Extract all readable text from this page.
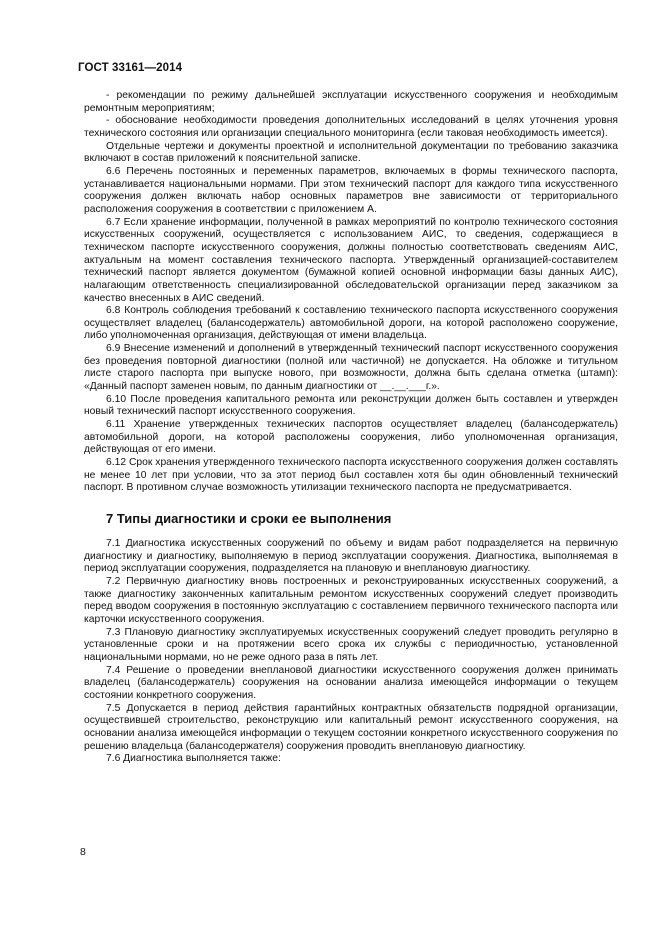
ГОСТ 33161—2014

- рекомендации по режиму дальнейшей эксплуатации искусственного сооружения и необходимым ремонтным мероприятиям;

- обоснование необходимости проведения дополнительных исследований в целях уточнения уровня технического состояния или организации специального мониторинга (если таковая необходимость имеется).

Отдельные чертежи и документы проектной и исполнительной документации по требованию заказчика включают в состав приложений к пояснительной записке.

6.6 Перечень постоянных и переменных параметров, включаемых в формы технического паспорта, устанавливается национальными нормами. При этом технический паспорт для каждого типа искусственного сооружения должен включать набор основных параметров вне зависимости от территориального расположения сооружения в соответствии с приложением А.

6.7 Если хранение информации, полученной в рамках мероприятий по контролю технического состояния искусственных сооружений, осуществляется с использованием АИС, то сведения, содержащиеся в техническом паспорте искусственного сооружения, должны полностью соответствовать сведениям АИС, актуальным на момент составления технического паспорта. Утвержденный организацией-составителем технический паспорт является документом (бумажной копией основной информации базы данных АИС), налагающим ответственность специализированной обследовательской организации перед заказчиком за качество внесенных в АИС сведений.

6.8 Контроль соблюдения требований к составлению технического паспорта искусственного сооружения осуществляет владелец (балансодержатель) автомобильной дороги, на которой расположено сооружение, либо уполномоченная организация, действующая от имени владельца.

6.9 Внесение изменений и дополнений в утвержденный технический паспорт искусственного сооружения без проведения повторной диагностики (полной или частичной) не допускается. На обложке и титульном листе старого паспорта при выпуске нового, при возможности, должна быть сделана отметка (штамп): «Данный паспорт заменен новым, по данным диагностики от __.__.___г.».

6.10 После проведения капитального ремонта или реконструкции должен быть составлен и утвержден новый технический паспорт искусственного сооружения.

6.11 Хранение утвержденных технических паспортов осуществляет владелец (балансодержатель) автомобильной дороги, на которой расположены сооружения, либо уполномоченная организация, действующая от его имени.

6.12 Срок хранения утвержденного технического паспорта искусственного сооружения должен составлять не менее 10 лет при условии, что за этот период был составлен хотя бы один обновленный технический паспорт. В противном случае возможность утилизации технического паспорта не предусматривается.

7 Типы диагностики и сроки ее выполнения

7.1 Диагностика искусственных сооружений по объему и видам работ подразделяется на первичную диагностику и диагностику, выполняемую в период эксплуатации сооружения. Диагностика, выполняемая в период эксплуатации сооружения, подразделяется на плановую и внеплановую диагностику.

7.2 Первичную диагностику вновь построенных и реконструированных искусственных сооружений, а также диагностику законченных капитальным ремонтом искусственных сооружений следует производить перед вводом сооружения в постоянную эксплуатацию с составлением первичного технического паспорта или карточки искусственного сооружения.

7.3 Плановую диагностику эксплуатируемых искусственных сооружений следует проводить регулярно в установленные сроки и на протяжении всего срока их службы с периодичностью, установленной национальными нормами, но не реже одного раза в пять лет.

7.4 Решение о проведении внеплановой диагностики искусственного сооружения должен принимать владелец (балансодержатель) сооружения на основании анализа имеющейся информации о текущем состоянии конкретного сооружения.

7.5 Допускается в период действия гарантийных контрактных обязательств подрядной организации, осуществившей строительство, реконструкцию или капитальный ремонт искусственного сооружения, на основании анализа имеющейся информации о текущем состоянии конкретного искусственного сооружения по решению владельца (балансодержателя) сооружения проводить внеплановую диагностику.

7.6 Диагностика выполняется также:

8
